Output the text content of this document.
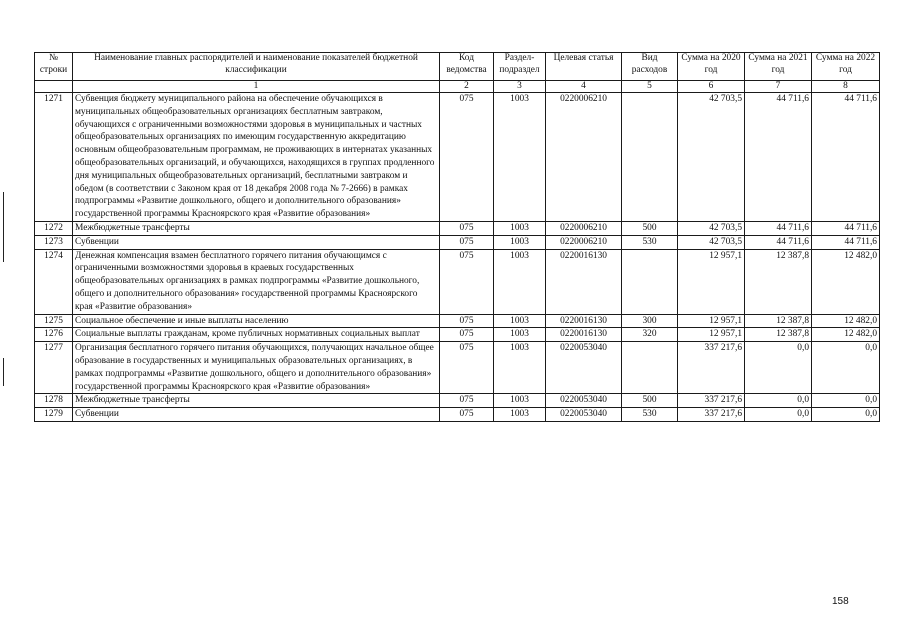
№ строки	Наименование главных распорядителей и наименование показателей бюджетной классификации	Код ведомства	Раздел-подраздел	Целевая статья	Вид расходов	Сумма на 2020 год	Сумма на 2021 год	Сумма на 2022 год
	1	2	3	4	5	6	7	8
1271	Субвенция бюджету муниципального района на обеспечение обучающихся в муниципальных общеобразовательных организациях бесплатным завтраком, обучающихся с ограниченными возможностями здоровья в муниципальных и частных общеобразовательных организациях по имеющим государственную аккредитацию основным общеобразовательным программам, не проживающих в интернатах указанных общеобразовательных организаций, и обучающихся, находящихся в группах продленного дня муниципальных общеобразовательных организаций, бесплатными завтраком и обедом (в соответствии с Законом края от 18 декабря 2008 года № 7-2666) в рамках подпрограммы «Развитие дошкольного, общего и дополнительного образования» государственной программы Красноярского края «Развитие образования»	075	1003	0220006210		42 703,5	44 711,6	44 711,6
1272	Межбюджетные трансферты	075	1003	0220006210	500	42 703,5	44 711,6	44 711,6
1273	Субвенции	075	1003	0220006210	530	42 703,5	44 711,6	44 711,6
1274	Денежная компенсация взамен бесплатного горячего питания обучающимся с ограниченными возможностями здоровья в краевых государственных общеобразовательных организациях в рамках подпрограммы «Развитие дошкольного, общего и дополнительного образования» государственной программы Красноярского края «Развитие образования»	075	1003	0220016130		12 957,1	12 387,8	12 482,0
1275	Социальное обеспечение и иные выплаты населению	075	1003	0220016130	300	12 957,1	12 387,8	12 482,0
1276	Социальные выплаты гражданам, кроме публичных нормативных социальных выплат	075	1003	0220016130	320	12 957,1	12 387,8	12 482,0
1277	Организация бесплатного горячего питания обучающихся, получающих начальное общее образование в государственных и муниципальных образовательных организациях, в рамках подпрограммы «Развитие дошкольного, общего и дополнительного образования» государственной программы Красноярского края «Развитие образования»	075	1003	0220053040		337 217,6	0,0	0,0
1278	Межбюджетные трансферты	075	1003	0220053040	500	337 217,6	0,0	0,0
1279	Субвенции	075	1003	0220053040	530	337 217,6	0,0	0,0
158
